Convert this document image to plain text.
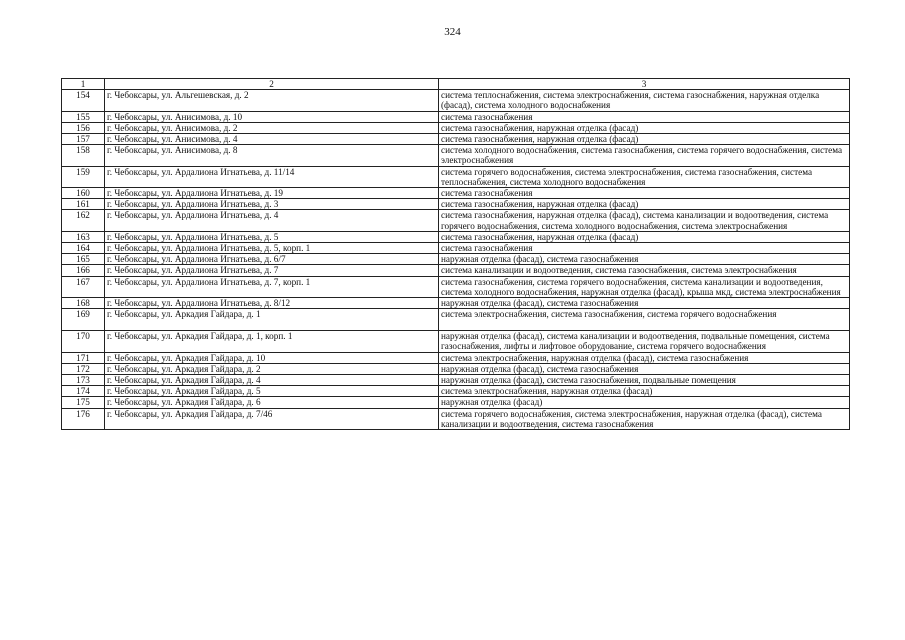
324
1	2	3
154	г. Чебоксары, ул. Альгешевская, д. 2	система теплоснабжения, система электроснабжения, система газоснабжения, наружная отделка (фасад), система холодного водоснабжения
155	г. Чебоксары, ул. Анисимова, д. 10	система газоснабжения
156	г. Чебоксары, ул. Анисимова, д. 2	система газоснабжения, наружная отделка (фасад)
157	г. Чебоксары, ул. Анисимова, д. 4	система газоснабжения, наружная отделка (фасад)
158	г. Чебоксары, ул. Анисимова, д. 8	система холодного водоснабжения, система газоснабжения, система горячего водоснабжения, система электроснабжения
159	г. Чебоксары, ул. Ардалиона Игнатьева, д. 11/14	система горячего водоснабжения, система электроснабжения, система газоснабжения, система теплоснабжения, система холодного водоснабжения
160	г. Чебоксары, ул. Ардалиона Игнатьева, д. 19	система газоснабжения
161	г. Чебоксары, ул. Ардалиона Игнатьева, д. 3	система газоснабжения, наружная отделка (фасад)
162	г. Чебоксары, ул. Ардалиона Игнатьева, д. 4	система газоснабжения, наружная отделка (фасад), система канализации и водоотведения, система горячего водоснабжения, система холодного водоснабжения, система электроснабжения
163	г. Чебоксары, ул. Ардалиона Игнатьева, д. 5	система газоснабжения, наружная отделка (фасад)
164	г. Чебоксары, ул. Ардалиона Игнатьева, д. 5, корп. 1	система газоснабжения
165	г. Чебоксары, ул. Ардалиона Игнатьева, д. 6/7	наружная отделка (фасад), система газоснабжения
166	г. Чебоксары, ул. Ардалиона Игнатьева, д. 7	система канализации и водоотведения, система газоснабжения, система электроснабжения
167	г. Чебоксары, ул. Ардалиона Игнатьева, д. 7, корп. 1	система газоснабжения, система горячего водоснабжения, система канализации и водоотведения, система холодного водоснабжения, наружная отделка (фасад), крыша мкд, система электроснабжения
168	г. Чебоксары, ул. Ардалиона Игнатьева, д. 8/12	наружная отделка (фасад), система газоснабжения
169	г. Чебоксары, ул. Аркадия Гайдара, д. 1	система электроснабжения, система газоснабжения, система горячего водоснабжения
170	г. Чебоксары, ул. Аркадия Гайдара, д. 1, корп. 1	наружная отделка (фасад), система канализации и водоотведения, подвальные помещения, система газоснабжения, лифты и лифтовое оборудование, система горячего водоснабжения
171	г. Чебоксары, ул. Аркадия Гайдара, д. 10	система электроснабжения, наружная отделка (фасад), система газоснабжения
172	г. Чебоксары, ул. Аркадия Гайдара, д. 2	наружная отделка (фасад), система газоснабжения
173	г. Чебоксары, ул. Аркадия Гайдара, д. 4	наружная отделка (фасад), система газоснабжения, подвальные помещения
174	г. Чебоксары, ул. Аркадия Гайдара, д. 5	система электроснабжения, наружная отделка (фасад)
175	г. Чебоксары, ул. Аркадия Гайдара, д. 6	наружная отделка (фасад)
176	г. Чебоксары, ул. Аркадия Гайдара, д. 7/46	система горячего водоснабжения, система электроснабжения, наружная отделка (фасад), система канализации и водоотведения, система газоснабжения
